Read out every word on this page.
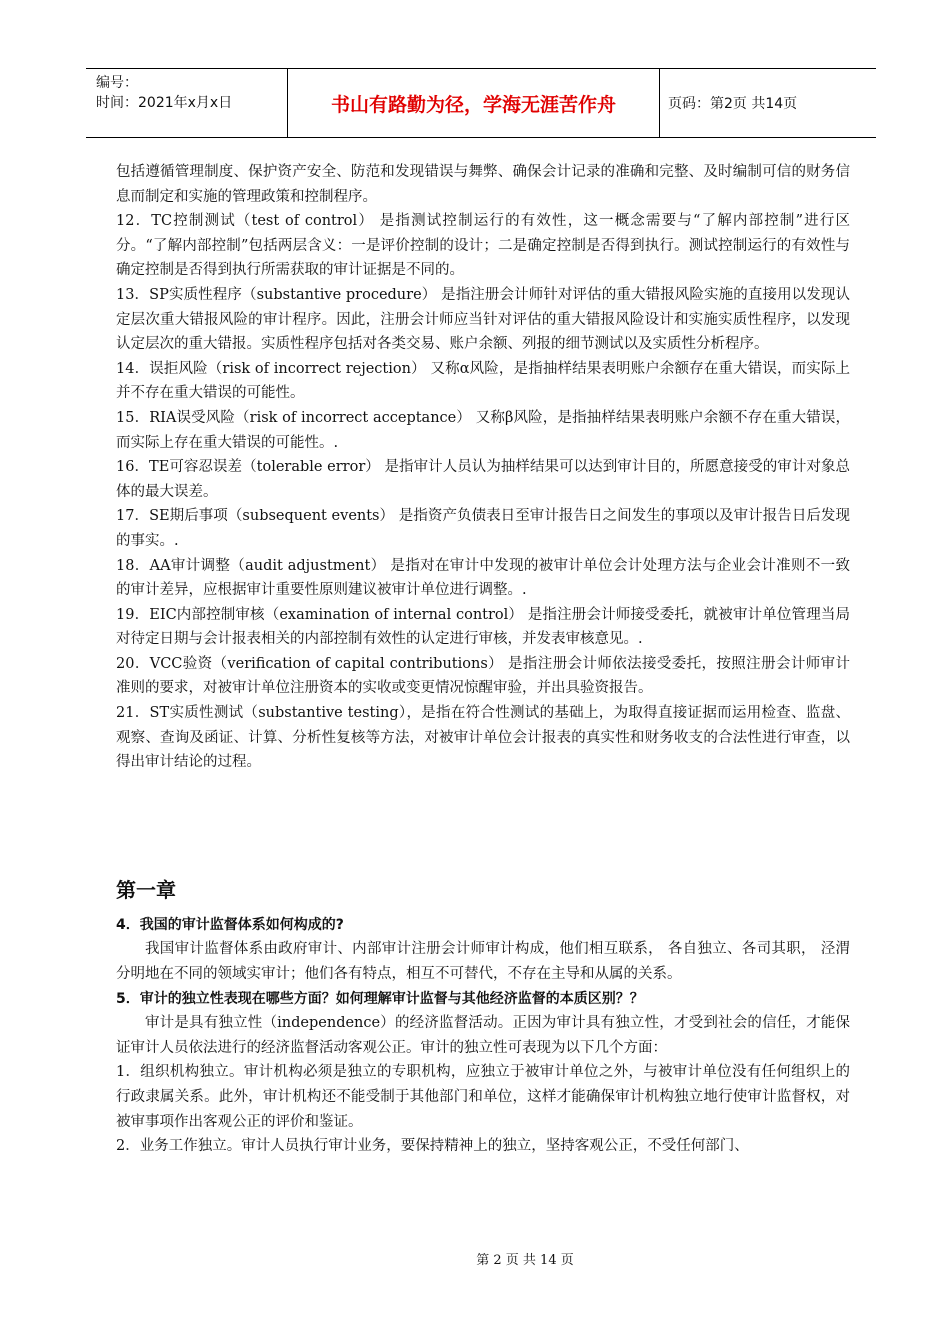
编号：
时间：2021年x月x日	书山有路勤为径，学海无涯苦作舟	页码：第2页 共14页

包括遵循管理制度、保护资产安全、防范和发现错误与舞弊、确保会计记录的准确和完整、及时编制可信的财务信息而制定和实施的管理政策和控制程序。

12．TC控制测试（test of control） 是指测试控制运行的有效性，这一概念需要与“了解内部控制”进行区分。“了解内部控制”包括两层含义：一是评价控制的设计；二是确定控制是否得到执行。测试控制运行的有效性与确定控制是否得到执行所需获取的审计证据是不同的。

13．SP实质性程序（substantive procedure） 是指注册会计师针对评估的重大错报风险实施的直接用以发现认定层次重大错报风险的审计程序。因此，注册会计师应当针对评估的重大错报风险设计和实施实质性程序，以发现认定层次的重大错报。实质性程序包括对各类交易、账户余额、列报的细节测试以及实质性分析程序。

14．误拒风险（risk of incorrect rejection） 又称α风险，是指抽样结果表明账户余额存在重大错误，而实际上并不存在重大错误的可能性。

15．RIA误受风险（risk of incorrect acceptance） 又称β风险，是指抽样结果表明账户余额不存在重大错误，而实际上存在重大错误的可能性。.

16．TE可容忍误差（tolerable error） 是指审计人员认为抽样结果可以达到审计目的，所愿意接受的审计对象总体的最大误差。

17．SE期后事项（subsequent events） 是指资产负债表日至审计报告日之间发生的事项以及审计报告日后发现的事实。.

18．AA审计调整（audit adjustment） 是指对在审计中发现的被审计单位会计处理方法与企业会计准则不一致的审计差异，应根据审计重要性原则建议被审计单位进行调整。.

19．EIC内部控制审核（examination of internal control） 是指注册会计师接受委托，就被审计单位管理当局对待定日期与会计报表相关的内部控制有效性的认定进行审核，并发表审核意见。.

20．VCC验资（verification of capital contributions） 是指注册会计师依法接受委托，按照注册会计师审计准则的要求，对被审计单位注册资本的实收或变更情况惊醒审验，并出具验资报告。

21．ST实质性测试（substantive testing），是指在符合性测试的基础上，为取得直接证据而运用检查、监盘、观察、查询及函证、计算、分析性复核等方法，对被审计单位会计报表的真实性和财务收支的合法性进行审查，以得出审计结论的过程。

第一章

4．我国的审计监督体系如何构成的?

我国审计监督体系由政府审计、内部审计注册会计师审计构成，他们相互联系， 各自独立、各司其职， 泾渭分明地在不同的领域实审计；他们各有特点，相互不可替代，不存在主导和从属的关系。

5．审计的独立性表现在哪些方面？如何理解审计监督与其他经济监督的本质区别？？

审计是具有独立性（independence）的经济监督活动。正因为审计具有独立性，才受到社会的信任，才能保证审计人员依法进行的经济监督活动客观公正。审计的独立性可表现为以下几个方面：

1．组织机构独立。审计机构必须是独立的专职机构，应独立于被审计单位之外，与被审计单位没有任何组织上的行政隶属关系。此外，审计机构还不能受制于其他部门和单位，这样才能确保审计机构独立地行使审计监督权，对被审事项作出客观公正的评价和鉴证。

2．业务工作独立。审计人员执行审计业务，要保持精神上的独立，坚持客观公正，不受任何部门、

第 2 页 共 14 页
